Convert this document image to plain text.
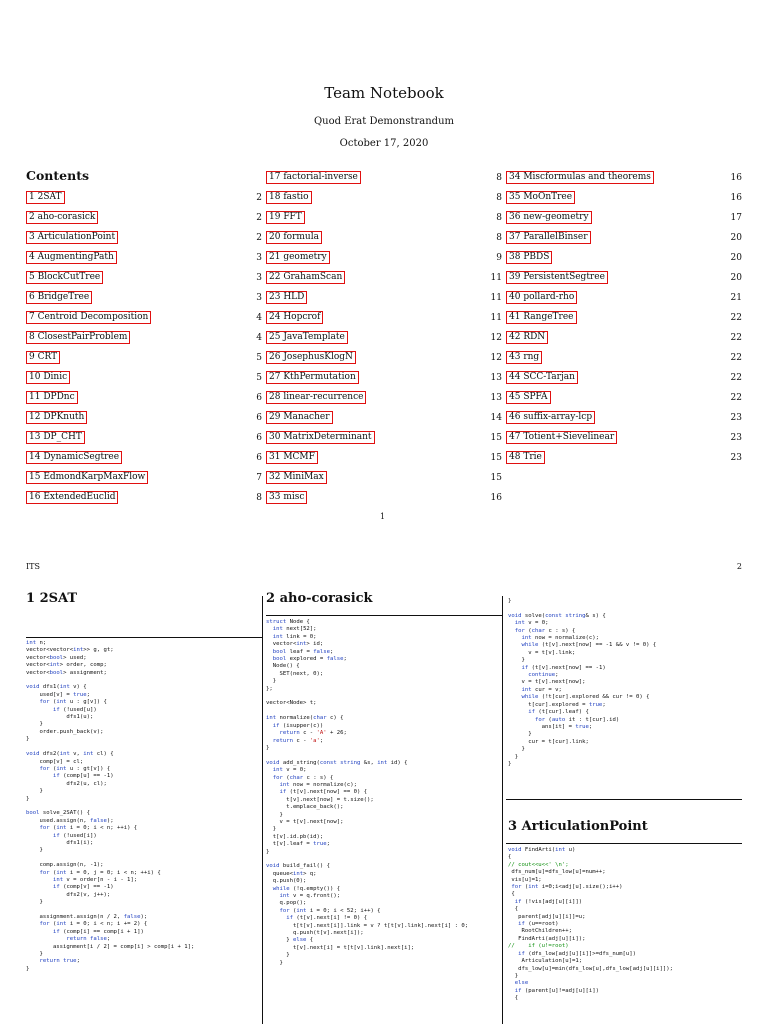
Team Notebook
Quod Erat Demonstrandum
October 17, 2020
Contents
1 2SAT	2
2 aho-corasick	2
3 ArticulationPoint	2
4 AugmentingPath	3
5 BlockCutTree	3
6 BridgeTree	3
7 Centroid Decomposition	4
8 ClosestPairProblem	4
9 CRT	5
10 Dinic	5
11 DPDnc	6
12 DPKnuth	6
13 DP_CHT	6
14 DynamicSegtree	6
15 EdmondKarpMaxFlow	7
16 ExtendedEuclid	8
17 factorial-inverse	8
18 fastio	8
19 FFT	8
20 formula	8
21 geometry	9
22 GrahamScan	11
23 HLD	11
24 Hopcrof	11
25 JavaTemplate	12
26 JosephusKlogN	12
27 KthPermutation	13
28 linear-recurrence	13
29 Manacher	14
30 MatrixDeterminant	15
31 MCMF	15
32 MiniMax	15
33 misc	16
34 Miscformulas and theorems	16
35 MoOnTree	16
36 new-geometry	17
37 ParallelBinser	20
38 PBDS	20
39 PersistentSegtree	20
40 pollard-rho	21
41 RangeTree	22
42 RDN	22
43 rng	22
44 SCC-Tarjan	22
45 SPFA	22
46 suffix-array-lcp	23
47 Totient+Sievelinear	23
48 Trie	23
1
ITS	2
1 2SAT
int n;
vector<vector<int>> g, gt;
vector<bool> used;
vector<int> order, comp;
vector<bool> assignment;

void dfs1(int v) {
used[v] = true;
for (int u : g[v]) {
if (!used[u])
dfs1(u);
}
order.push_back(v);
}

void dfs2(int v, int cl) {
comp[v] = cl;
for (int u : gt[v]) {
if (comp[u] == -1)
dfs2(u, cl);
}
}

bool solve_2SAT() {
used.assign(n, false);
for (int i = 0; i < n; ++i) {
if (!used[i])
dfs1(i);
}

comp.assign(n, -1);
for (int i = 0, j = 0; i < n; ++i) {
int v = order[n - i - 1];
if (comp[v] == -1)
dfs2(v, j++);
}

assignment.assign(n / 2, false);
for (int i = 0; i < n; i += 2) {
if (comp[i] == comp[i + 1])
return false;
assignment[i / 2] = comp[i] > comp[i + 1];
}
return true;
}
2 aho-corasick
struct Node {
int next[52];
int link = 0;
vector<int> id;
bool leaf = false;
bool explored = false;
Node() {
SET(next, 0);
}
};

vector<Node> t;

int normalize(char c) {
if (isupper(c))
return c - 'A' + 26;
return c - 'a';
}

void add_string(const string &s, int id) {
int v = 0;
for (char c : s) {
int now = normalize(c);
if (t[v].next[now] == 0) {
t[v].next[now] = t.size();
t.emplace_back();
}
v = t[v].next[now];
}
t[v].id.pb(id);
t[v].leaf = true;
}

void build_fail() {
queue<int> q;
q.push(0);
while (!q.empty()) {
int v = q.front();
q.pop();
for (int i = 0; i < 52; i++) {
if (t[v].next[i] != 0) {
t[t[v].next[i]].link = v ? t[t[v].link].next[i] : 0;
q.push(t[v].next[i]);
} else {
t[v].next[i] = t[t[v].link].next[i];
}
}
}

void solve(const string& s) {
int v = 0;
for (char c : s) {
int now = normalize(c);
while (t[v].next[now] == -1 && v != 0) {
v = t[v].link;
}
if (t[v].next[now] == -1)
continue;
v = t[v].next[now];
int cur = v;
while (!t[cur].explored && cur != 0) {
t[cur].explored = true;
if (t[cur].leaf) {
for (auto it : t[cur].id)
ans[it] = true;
}
cur = t[cur].link;
}
}
}
3 ArticulationPoint
void FindArti(int u)
{
// cout<<u<<' \n';
dfs_num[u]=dfs_low[u]=num++;
vis[u]=1;
for (int i=0;i<adj[u].size();i++)
{
if (!vis[adj[u][i]])
{
parent[adj[u][i]]=u;
if (u==root)
RootChildren++;
FindArti(adj[u][i]);
//    if (u!=root)
if (dfs_low[adj[u][i]]>=dfs_num[u])
Articulation[u]=1;
dfs_low[u]=min(dfs_low[u],dfs_low[adj[u][i]]);
}
else
if (parent[u]!=adj[u][i])
{
